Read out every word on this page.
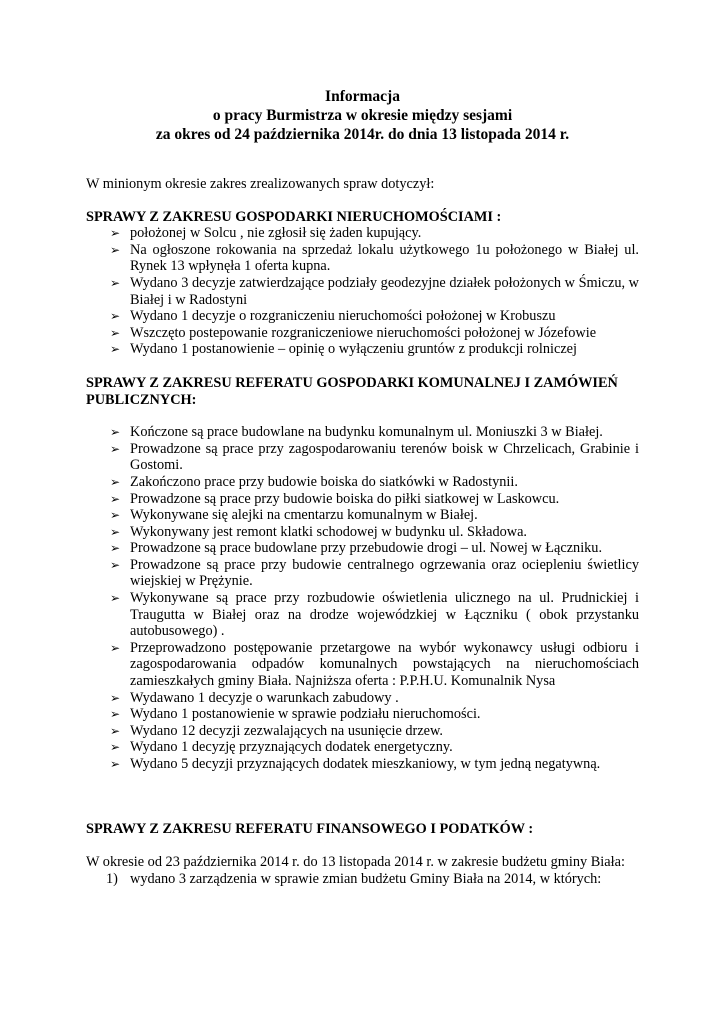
Informacja
o pracy Burmistrza w okresie między sesjami
za okres od 24 października 2014r. do dnia 13 listopada 2014 r.
W minionym okresie zakres zrealizowanych spraw dotyczył:
SPRAWY Z ZAKRESU GOSPODARKI NIERUCHOMOŚCIAMI :
➢ położonej w Solcu , nie zgłosił się żaden kupujący.
➢ Na ogłoszone rokowania na sprzedaż lokalu użytkowego 1u położonego w Białej ul. Rynek 13 wpłynęła 1 oferta kupna.
➢ Wydano 3 decyzje zatwierdzające podziały geodezyjne działek położonych w Śmiczu, w Białej i w Radostyni
➢ Wydano 1 decyzje o rozgraniczeniu nieruchomości położonej w Krobuszu
➢ Wszczęto postepowanie rozgraniczeniowe nieruchomości położonej w Józefowie
➢ Wydano 1 postanowienie – opinię o wyłączeniu gruntów z produkcji rolniczej
SPRAWY Z ZAKRESU REFERATU GOSPODARKI KOMUNALNEJ I ZAMÓWIEŃ PUBLICZNYCH:
➢ Kończone są prace budowlane na budynku komunalnym ul. Moniuszki 3 w Białej.
➢ Prowadzone są prace przy zagospodarowaniu terenów boisk w Chrzelicach, Grabinie i Gostomi.
➢ Zakończono prace przy budowie boiska do siatkówki w Radostynii.
➢ Prowadzone są prace przy budowie boiska do piłki siatkowej w Laskowcu.
➢ Wykonywane się alejki na cmentarzu komunalnym w Białej.
➢ Wykonywany jest remont klatki schodowej w budynku ul. Składowa.
➢ Prowadzone są prace budowlane przy przebudowie drogi – ul. Nowej w Łączniku.
➢ Prowadzone są prace przy budowie centralnego ogrzewania oraz ociepleniu świetlicy wiejskiej w Prężynie.
➢ Wykonywane są prace przy rozbudowie oświetlenia ulicznego na ul. Prudnickiej i Traugutta w Białej oraz na drodze wojewódzkiej w Łączniku ( obok przystanku autobusowego) .
➢ Przeprowadzono postępowanie przetargowe na wybór wykonawcy usługi odbioru i zagospodarowania odpadów komunalnych powstających na nieruchomościach zamieszkałych gminy Biała. Najniższa oferta : P.P.H.U. Komunalnik Nysa
➢ Wydawano 1 decyzje o warunkach zabudowy .
➢ Wydano 1 postanowienie w sprawie podziału nieruchomości.
➢ Wydano 12 decyzji zezwalających na usunięcie drzew.
➢ Wydano 1 decyzję przyznających dodatek energetyczny.
➢ Wydano 5 decyzji przyznających dodatek mieszkaniowy, w tym jedną negatywną.
SPRAWY Z ZAKRESU REFERATU FINANSOWEGO I PODATKÓW :
W okresie od 23 października 2014 r. do 13 listopada 2014 r. w zakresie budżetu gminy Biała:
1) wydano 3 zarządzenia w sprawie zmian budżetu Gminy Biała na 2014, w których:
